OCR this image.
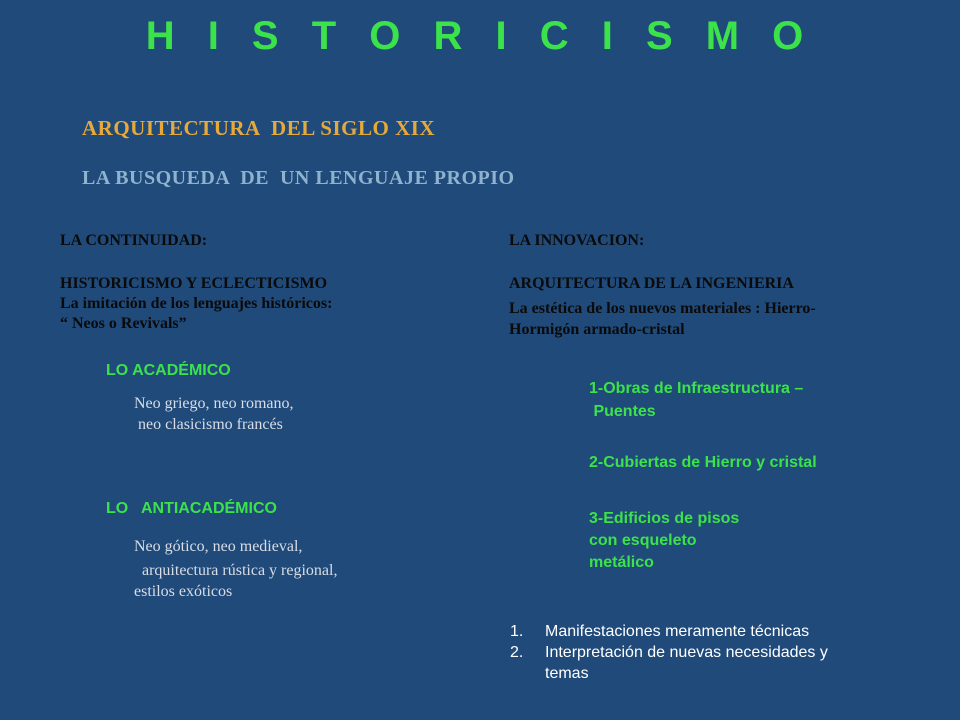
H I S T O R I C I S M O
ARQUITECTURA  DEL SIGLO XIX
LA BUSQUEDA  DE  UN LENGUAJE PROPIO
LA CONTINUIDAD:
HISTORICISMO Y ECLECTICISMO
La imitación de los lenguajes históricos:
“ Neos o Revivals”
LO ACADÉMICO
Neo griego, neo romano,
neo clasicismo francés
LO   ANTIACADÉMICO
Neo gótico, neo medieval,
arquitectura rústica y regional,
estilos exóticos
LA INNOVACION:
ARQUITECTURA DE LA INGENIERIA
La estética de los nuevos materiales : Hierro-
Hormigón armado-cristal
1-Obras de Infraestructura –
Puentes
2-Cubiertas de Hierro y cristal
3-Edificios de pisos
con esqueleto
metálico
1.	Manifestaciones meramente técnicas
2.	Interpretación de nuevas necesidades y
temas
